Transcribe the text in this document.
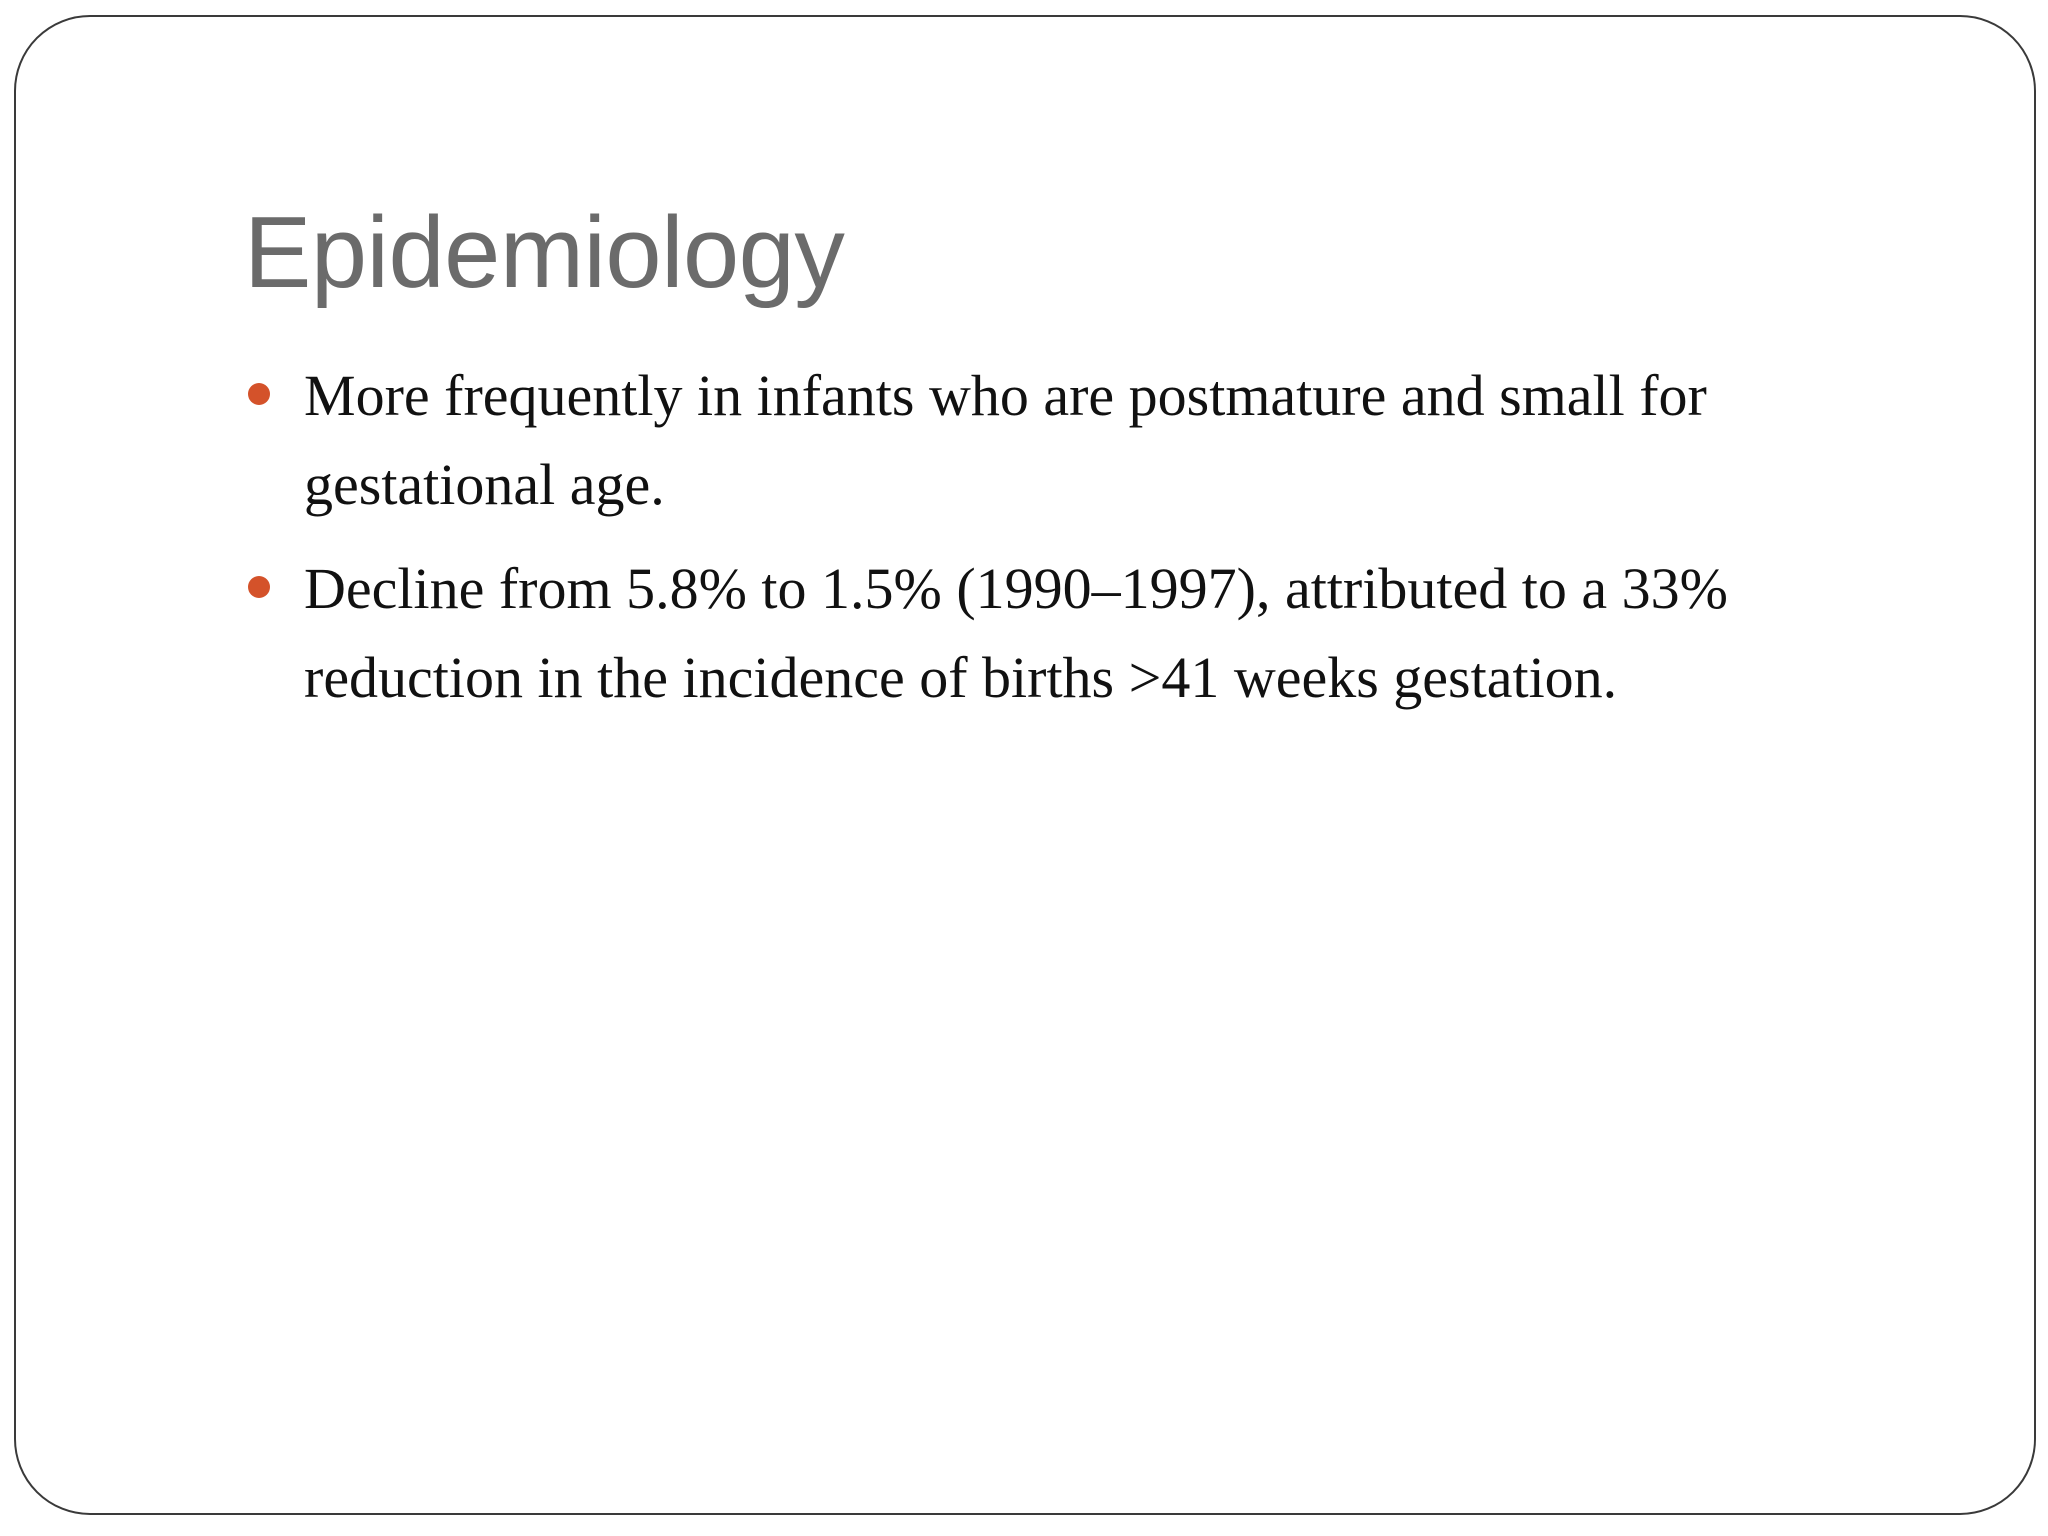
Epidemiology
More frequently in infants who are postmature and small for gestational age.
Decline from 5.8% to 1.5% (1990–1997), attributed to a 33% reduction in the incidence of births >41 weeks gestation.
